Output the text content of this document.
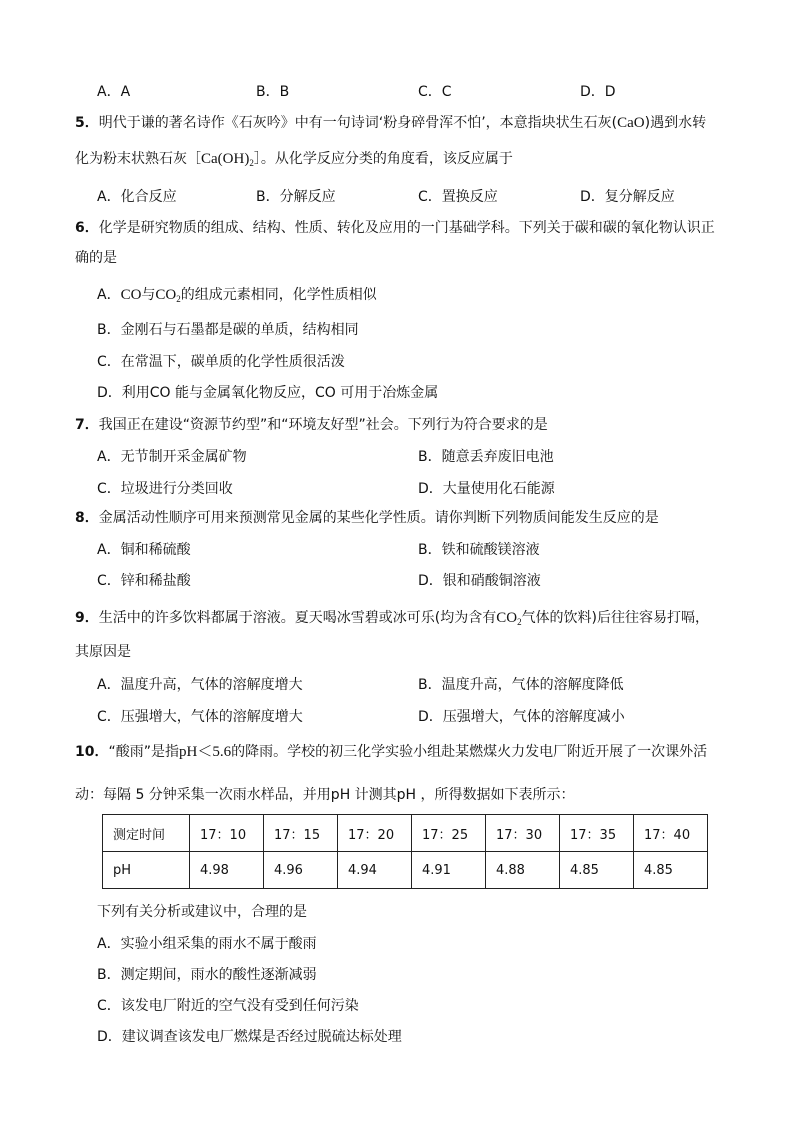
A．A	B．B	C．C	D．D
5．明代于谦的著名诗作《石灰吟》中有一句诗词‘粉身碎骨浑不怕’，本意指块状生石灰(CaO)遇到水转
化为粉末状熟石灰$[Ca(OH)_2]$。从化学反应分类的角度看，该反应属于
A．化合反应	B．分解反应	C．置换反应	D．复分解反应
6．化学是研究物质的组成、结构、性质、转化及应用的一门基础学科。下列关于碳和碳的氧化物认识正
确的是
A．CO与$CO_2$的组成元素相同，化学性质相似
B．金刚石与石墨都是碳的单质，结构相同
C．在常温下，碳单质的化学性质很活泼
D．利用CO 能与金属氧化物反应，CO 可用于冶炼金属
7．我国正在建设“资源节约型”和“环境友好型”社会。下列行为符合要求的是
A．无节制开采金属矿物	B．随意丢弃废旧电池
C．垃圾进行分类回收	D．大量使用化石能源
8．金属活动性顺序可用来预测常见金属的某些化学性质。请你判断下列物质间能发生反应的是
A．铜和稀硫酸	B．铁和硫酸镁溶液
C．锌和稀盐酸	D．银和硝酸铜溶液
9．生活中的许多饮料都属于溶液。夏天喝冰雪碧或冰可乐(均为含有$CO_2$气体的饮料)后往往容易打嗝，
其原因是
A．温度升高，气体的溶解度增大	B．温度升高，气体的溶解度降低
C．压强增大，气体的溶解度增大	D．压强增大，气体的溶解度减小
10．“酸雨”是指pH＜5.6的降雨。学校的初三化学实验小组赴某燃煤火力发电厂附近开展了一次课外活
动：每隔 5 分钟采集一次雨水样品，并用pH 计测其pH ，所得数据如下表所示：
测定时间	17：10	17：15	17：20	17：25	17：30	17：35	17：40
pH	4.98	4.96	4.94	4.91	4.88	4.85	4.85
下列有关分析或建议中，合理的是
A．实验小组采集的雨水不属于酸雨
B．测定期间，雨水的酸性逐渐减弱
C．该发电厂附近的空气没有受到任何污染
D．建议调查该发电厂燃煤是否经过脱硫达标处理
